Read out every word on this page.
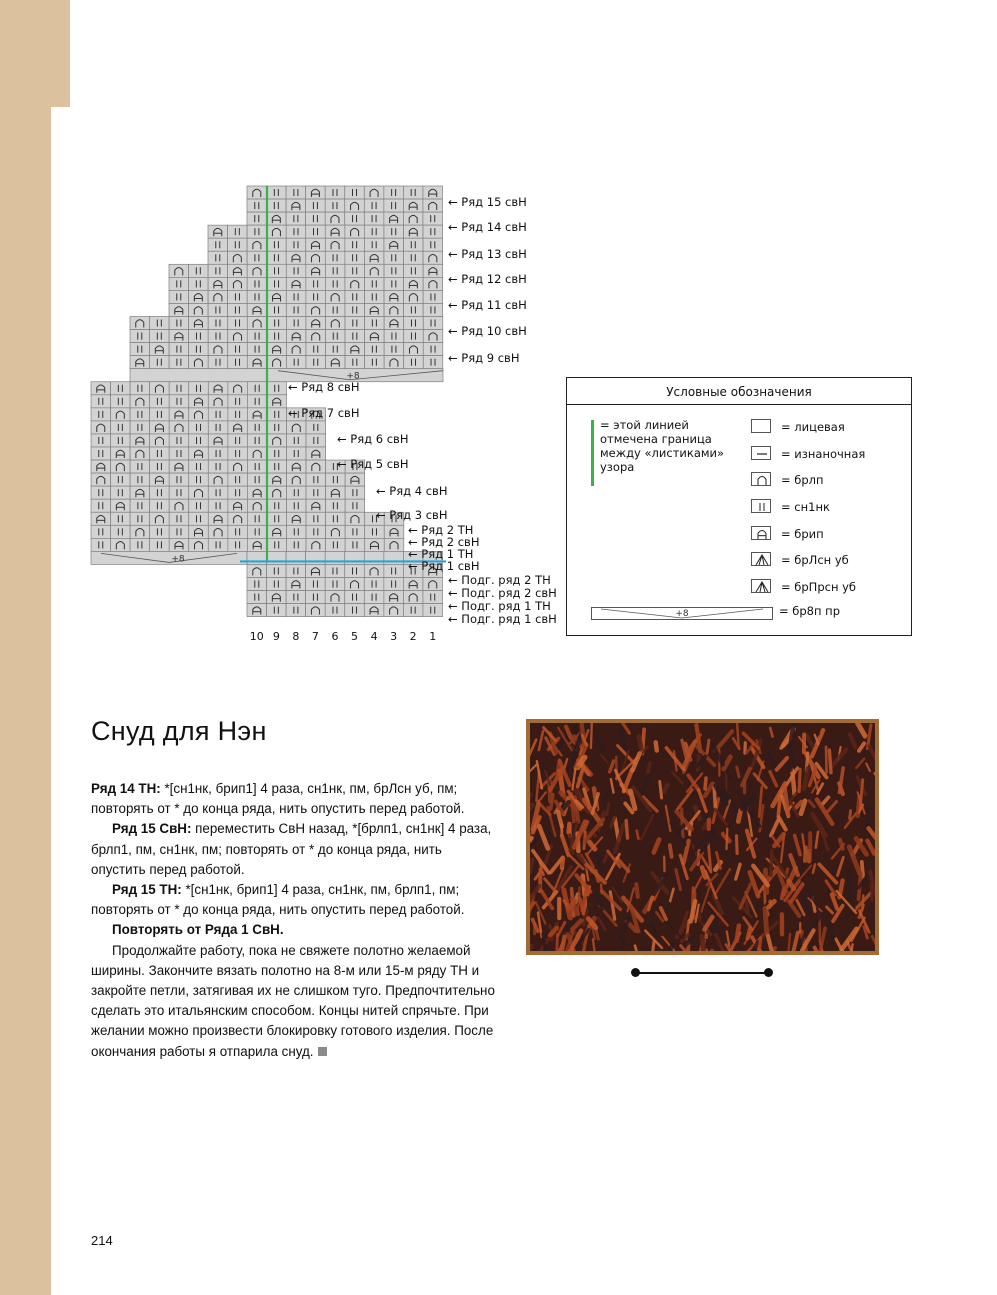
+8
+8
← Ряд 15 свН
← Ряд 14 свН
← Ряд 13 свН
← Ряд 12 свН
← Ряд 11 свН
← Ряд 10 свН
← Ряд 9 свН
← Ряд 8 свН
← Ряд 7 свН
← Ряд 6 свН
← Ряд 5 свН
← Ряд 4 свН
← Ряд 3 свН
← Ряд 2 ТН
← Ряд 2 свН
← Ряд 1 ТН
← Ряд 1 свН
← Подг. ряд 2 ТН
← Подг. ряд 2 свН
← Подг. ряд 1 ТН
← Подг. ряд 1 свН
10 9 8 7 6 5 4 3 2 1
Условные обозначения
= этой линией
отмечена граница
между «листиками»
узора
= лицевая
= изнаночная
= брлп
= сн1нк
= брип
= брЛсн уб
= брПрсн уб
+8	= бр8п пр
Снуд для Нэн

Ряд 14 ТН: *[сн1нк, брип1] 4 раза, сн1нк, пм, брЛсн уб, пм; повторять от * до конца ряда, нить опустить перед работой.

Ряд 15 СвН: переместить СвН назад, *[брлп1, сн1нк] 4 раза, брлп1, пм, сн1нк, пм; повторять от * до конца ряда, нить опустить перед работой.

Ряд 15 ТН: *[сн1нк, брип1] 4 раза, сн1нк, пм, брлп1, пм; повторять от * до конца ряда, нить опустить перед работой.

Повторять от Ряда 1 СвН.

Продолжайте работу, пока не свяжете полотно желаемой ширины. Закончите вязать полотно на 8-м или 15-м ряду ТН и закройте петли, затягивая их не слишком туго. Предпочтительно сделать это итальянским способом. Концы нитей спрячьте. При желании можно произвести блокировку готового изделия. После окончания работы я отпарила снуд.

214
